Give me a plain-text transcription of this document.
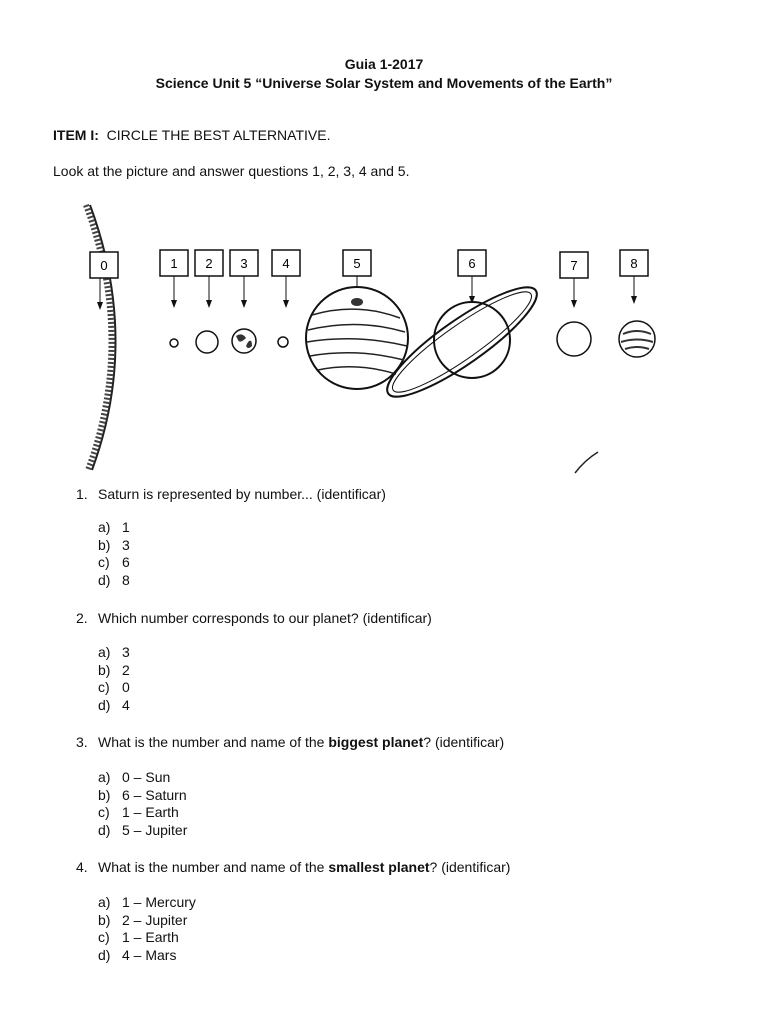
Guia 1-2017
Science Unit 5 “Universe Solar System and Movements of the Earth”
ITEM I: CIRCLE THE BEST ALTERNATIVE.
Look at the picture and answer questions 1, 2, 3, 4 and 5.
0	1 2 3	4	5	6	7	8
1. Saturn is represented by number... (identificar)
a) 1
b) 3
c) 6
d) 8
2. Which number corresponds to our planet? (identificar)
a) 3
b) 2
c) 0
d) 4
3. What is the number and name of the biggest planet? (identificar)
a) 0 – Sun
b) 6 – Saturn
c) 1 – Earth
d) 5 – Jupiter
4. What is the number and name of the smallest planet? (identificar)
a) 1 – Mercury
b) 2 – Jupiter
c) 1 – Earth
d) 4 – Mars
